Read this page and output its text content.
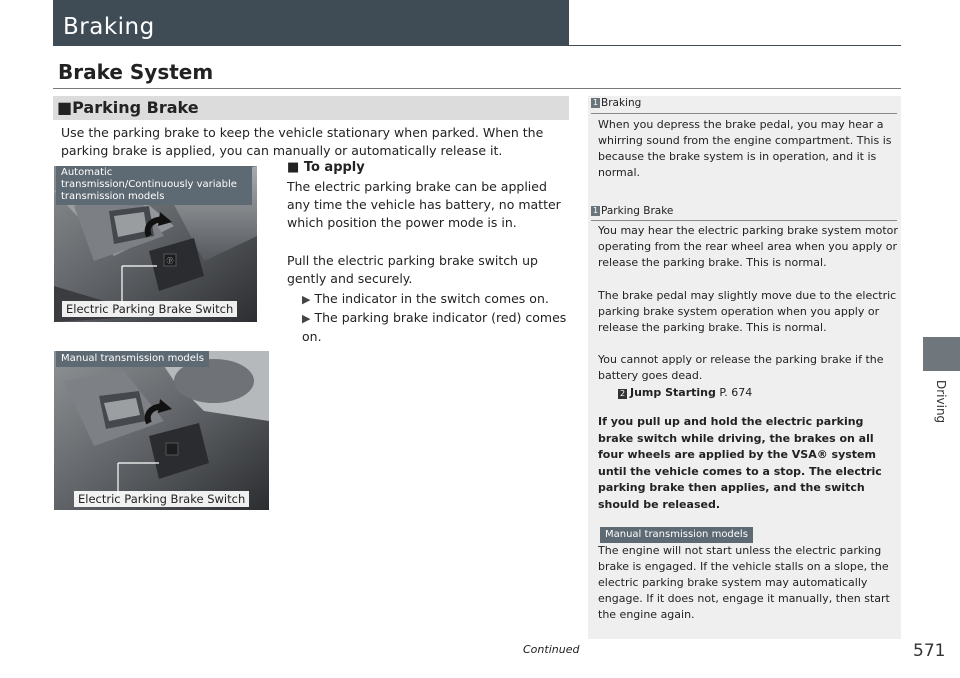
Braking
Brake System
Driving
■Parking Brake
Use the parking brake to keep the vehicle stationary when parked. When the parking brake is applied, you can manually or automatically release it.
■ To apply
The electric parking brake can be applied any time the vehicle has battery, no matter which position the power mode is in.
Pull the electric parking brake switch up gently and securely.
▶ The indicator in the switch comes on.
▶ The parking brake indicator (red) comes on.
ⓟ
Automatic transmission/Continuously variable transmission models
Electric Parking Brake Switch
Manual transmission models
Electric Parking Brake Switch
1 Braking
When you depress the brake pedal, you may hear a whirring sound from the engine compartment. This is because the brake system is in operation, and it is normal.
1 Parking Brake
You may hear the electric parking brake system motor operating from the rear wheel area when you apply or release the parking brake. This is normal.
The brake pedal may slightly move due to the electric parking brake system operation when you apply or release the parking brake. This is normal.
You cannot apply or release the parking brake if the battery goes dead.
2 Jump Starting P. 674
If you pull up and hold the electric parking brake switch while driving, the brakes on all four wheels are applied by the VSA® system until the vehicle comes to a stop. The electric parking brake then applies, and the switch should be released.
Manual transmission models
The engine will not start unless the electric parking brake is engaged. If the vehicle stalls on a slope, the electric parking brake system may automatically engage. If it does not, engage it manually, then start the engine again.
Continued	571
